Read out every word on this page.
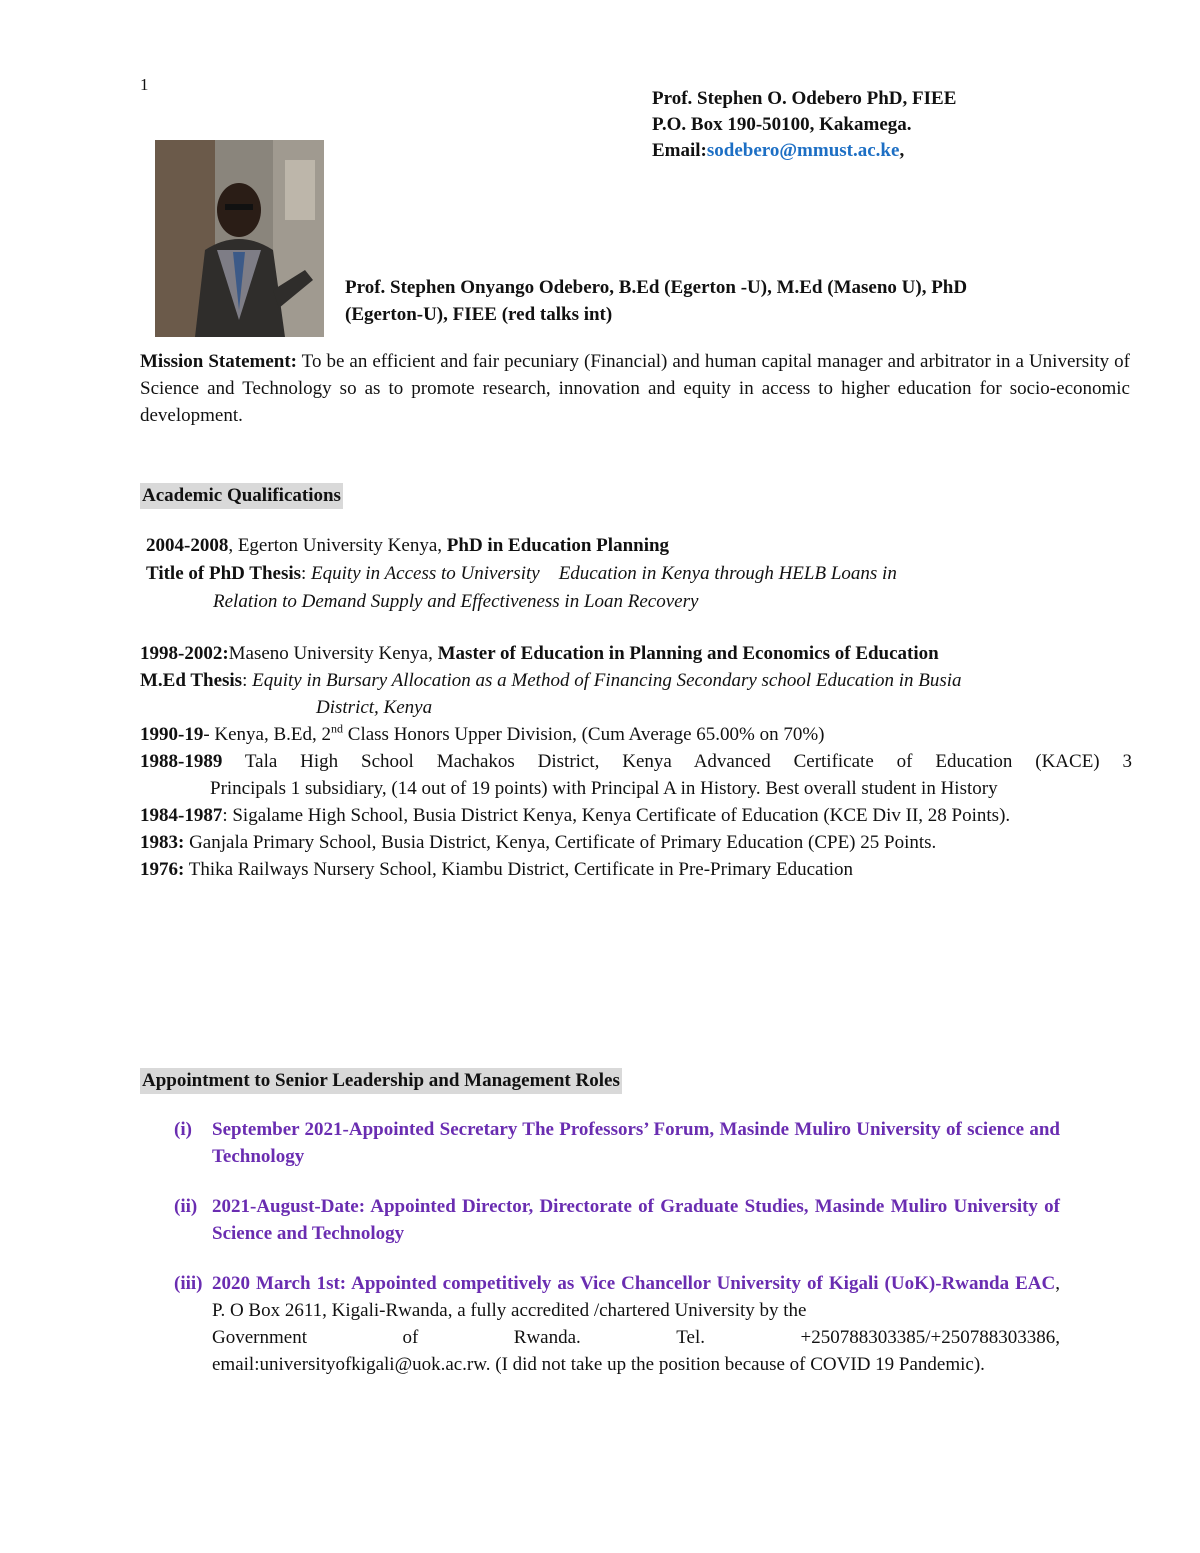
1
Prof. Stephen O. Odebero PhD, FIEE
P.O. Box 190-50100, Kakamega.
Email:sodebero@mmust.ac.ke,
Prof. Stephen Onyango Odebero, B.Ed (Egerton -U), M.Ed (Maseno U), PhD
(Egerton-U), FIEE (red talks int)
Mission Statement: To be an efficient and fair pecuniary (Financial) and human capital manager and arbitrator in a University of Science and Technology so as to promote research, innovation and equity in access to higher education for socio-economic development.
Academic Qualifications
2004-2008, Egerton University Kenya, PhD in Education Planning
Title of PhD Thesis: Equity in Access to University    Education in Kenya through HELB Loans in
Relation to Demand Supply and Effectiveness in Loan Recovery
1998-2002:Maseno University Kenya, Master of Education in Planning and Economics of Education
M.Ed Thesis: Equity in Bursary Allocation as a Method of Financing Secondary school Education in Busia
District, Kenya
1990-19- Kenya, B.Ed, 2nd Class Honors Upper Division, (Cum Average 65.00% on 70%)
1988-1989 Tala High School Machakos District, Kenya Advanced Certificate of Education (KACE) 3
Principals 1 subsidiary, (14 out of 19 points) with Principal A in History. Best overall student in History
1984-1987: Sigalame High School, Busia District Kenya, Kenya Certificate of Education (KCE Div II, 28 Points).
1983: Ganjala Primary School, Busia District, Kenya, Certificate of Primary Education (CPE) 25 Points.
1976: Thika Railways Nursery School, Kiambu District, Certificate in Pre-Primary Education
Appointment to Senior Leadership and Management Roles
(i) September 2021-Appointed Secretary The Professors’ Forum, Masinde Muliro University of science and Technology
(ii) 2021-August-Date: Appointed Director, Directorate of Graduate Studies, Masinde Muliro University of Science and Technology
(iii) 2020 March 1st: Appointed competitively as Vice Chancellor University of Kigali (UoK)-Rwanda EAC, P. O Box 2611, Kigali-Rwanda, a fully accredited /chartered University by the
Government	of	Rwanda.	Tel.	+250788303385/+250788303386,
email:universityofkigali@uok.ac.rw. (I did not take up the position because of COVID 19 Pandemic).
